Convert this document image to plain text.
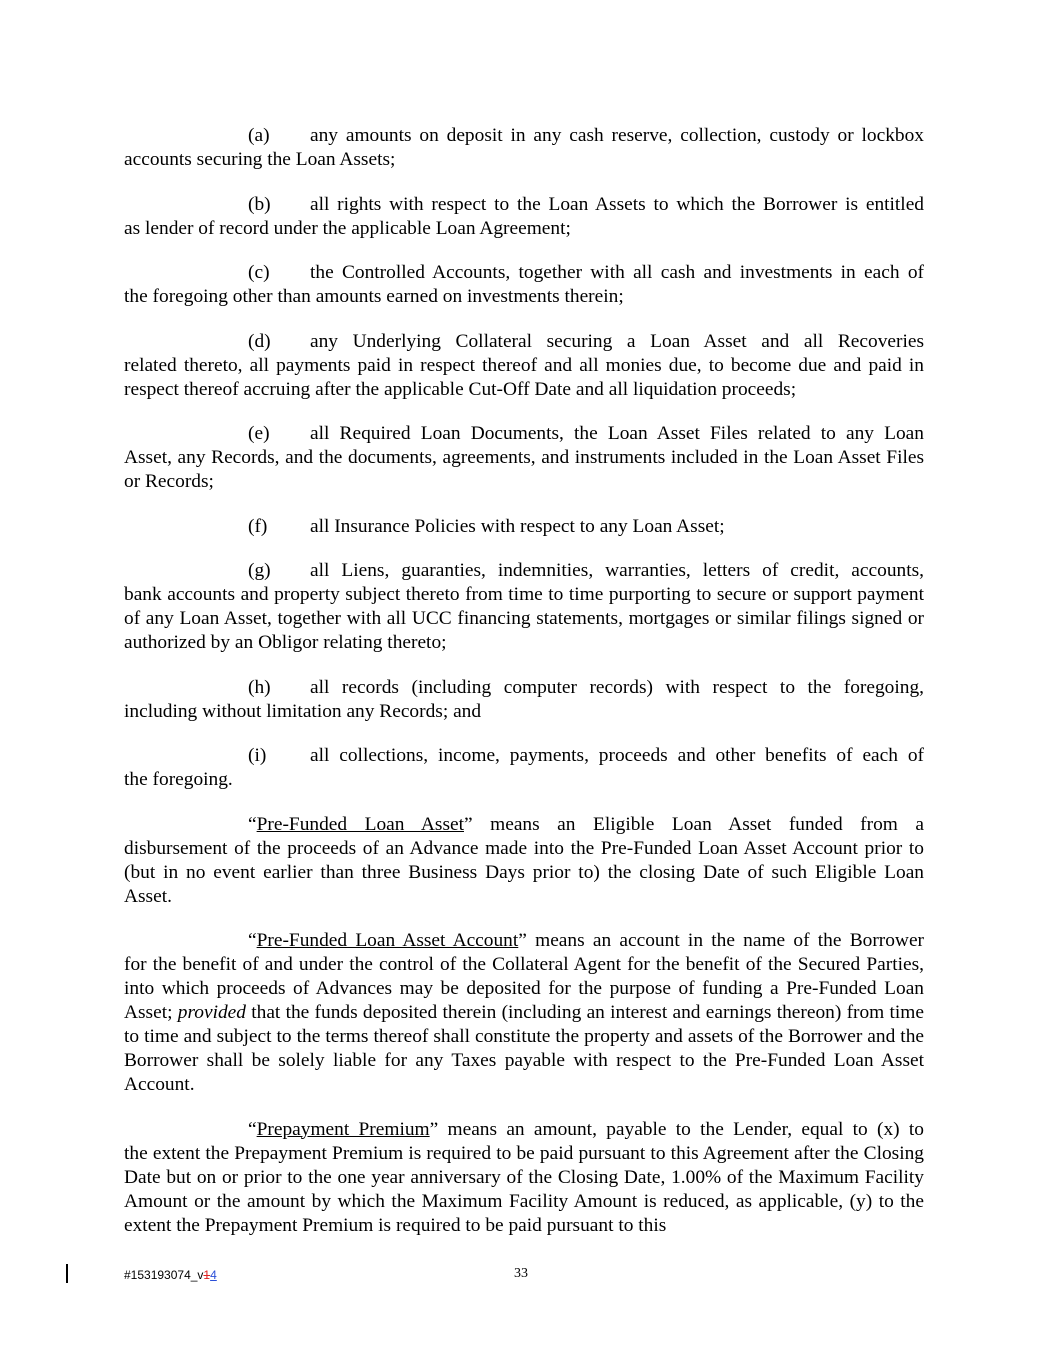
(a) any amounts on deposit in any cash reserve, collection, custody or lockbox
accounts securing the Loan Assets;
(b) all rights with respect to the Loan Assets to which the Borrower is entitled
as lender of record under the applicable Loan Agreement;
(c) the Controlled Accounts, together with all cash and investments in each of
the foregoing other than amounts earned on investments therein;
(d) any Underlying Collateral securing a Loan Asset and all Recoveries
related thereto, all payments paid in respect thereof and all monies due, to become due and paid in respect thereof accruing after the applicable Cut-Off Date and all liquidation proceeds;
(e) all Required Loan Documents, the Loan Asset Files related to any Loan
Asset, any Records, and the documents, agreements, and instruments included in the Loan Asset Files or Records;
(f) all Insurance Policies with respect to any Loan Asset;
(g) all Liens, guaranties, indemnities, warranties, letters of credit, accounts,
bank accounts and property subject thereto from time to time purporting to secure or support payment of any Loan Asset, together with all UCC financing statements, mortgages or similar filings signed or authorized by an Obligor relating thereto;
(h) all records (including computer records) with respect to the foregoing,
including without limitation any Records; and
(i) all collections, income, payments, proceeds and other benefits of each of
the foregoing.
“Pre-Funded Loan Asset” means an Eligible Loan Asset funded from a
disbursement of the proceeds of an Advance made into the Pre-Funded Loan Asset Account prior to (but in no event earlier than three Business Days prior to) the closing Date of such Eligible Loan Asset.
“Pre-Funded Loan Asset Account” means an account in the name of the Borrower
for the benefit of and under the control of the Collateral Agent for the benefit of the Secured Parties, into which proceeds of Advances may be deposited for the purpose of funding a Pre-Funded Loan Asset; provided that the funds deposited therein (including an interest and earnings thereon) from time to time and subject to the terms thereof shall constitute the property and assets of the Borrower and the Borrower shall be solely liable for any Taxes payable with respect to the Pre-Funded Loan Asset Account.
“Prepayment Premium” means an amount, payable to the Lender, equal to (x) to
the extent the Prepayment Premium is required to be paid pursuant to this Agreement after the Closing Date but on or prior to the one year anniversary of the Closing Date, 1.00% of the Maximum Facility Amount or the amount by which the Maximum Facility Amount is reduced, as applicable, (y) to the extent the Prepayment Premium is required to be paid pursuant to this
#153193074_v14	33
